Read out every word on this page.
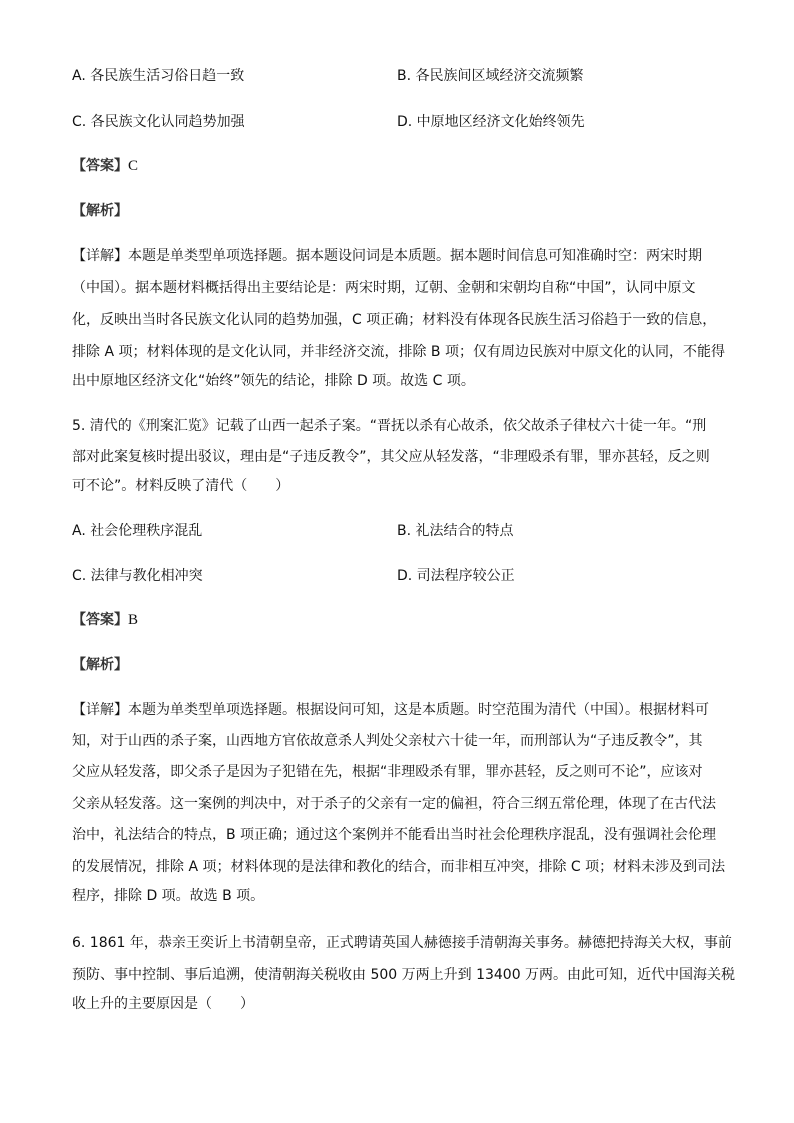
A. 各民族生活习俗日趋一致	B. 各民族间区域经济交流频繁
C. 各民族文化认同趋势加强	D. 中原地区经济文化始终领先
【答案】C
【解析】
【详解】本题是单类型单项选择题。据本题设问词是本质题。据本题时间信息可知准确时空：两宋时期
（中国）。据本题材料概括得出主要结论是：两宋时期，辽朝、金朝和宋朝均自称“中国”，认同中原文
化，反映出当时各民族文化认同的趋势加强，C 项正确；材料没有体现各民族生活习俗趋于一致的信息，
排除 A 项；材料体现的是文化认同，并非经济交流，排除 B 项；仅有周边民族对中原文化的认同，不能得
出中原地区经济文化“始终”领先的结论，排除 D 项。故选 C 项。
5. 清代的《刑案汇览》记载了山西一起杀子案。“晋抚以杀有心故杀，依父故杀子律杖六十徒一年。“刑
部对此案复核时提出驳议，理由是“子违反教令”，其父应从轻发落，“非理殴杀有罪，罪亦甚轻，反之则
可不论”。材料反映了清代（　　）
A. 社会伦理秩序混乱	B. 礼法结合的特点
C. 法律与教化相冲突	D. 司法程序较公正
【答案】B
【解析】
【详解】本题为单类型单项选择题。根据设问可知，这是本质题。时空范围为清代（中国）。根据材料可
知，对于山西的杀子案，山西地方官依故意杀人判处父亲杖六十徒一年，而刑部认为“子违反教令”，其
父应从轻发落，即父杀子是因为子犯错在先，根据“非理殴杀有罪，罪亦甚轻，反之则可不论”，应该对
父亲从轻发落。这一案例的判决中，对于杀子的父亲有一定的偏袒，符合三纲五常伦理，体现了在古代法
治中，礼法结合的特点，B 项正确；通过这个案例并不能看出当时社会伦理秩序混乱，没有强调社会伦理
的发展情况，排除 A 项；材料体现的是法律和教化的结合，而非相互冲突，排除 C 项；材料未涉及到司法
程序，排除 D 项。故选 B 项。
6. 1861 年，恭亲王奕䜣上书清朝皇帝，正式聘请英国人赫德接手清朝海关事务。赫德把持海关大权，事前
预防、事中控制、事后追溯，使清朝海关税收由 500 万两上升到 13400 万两。由此可知，近代中国海关税
收上升的主要原因是（　　）
